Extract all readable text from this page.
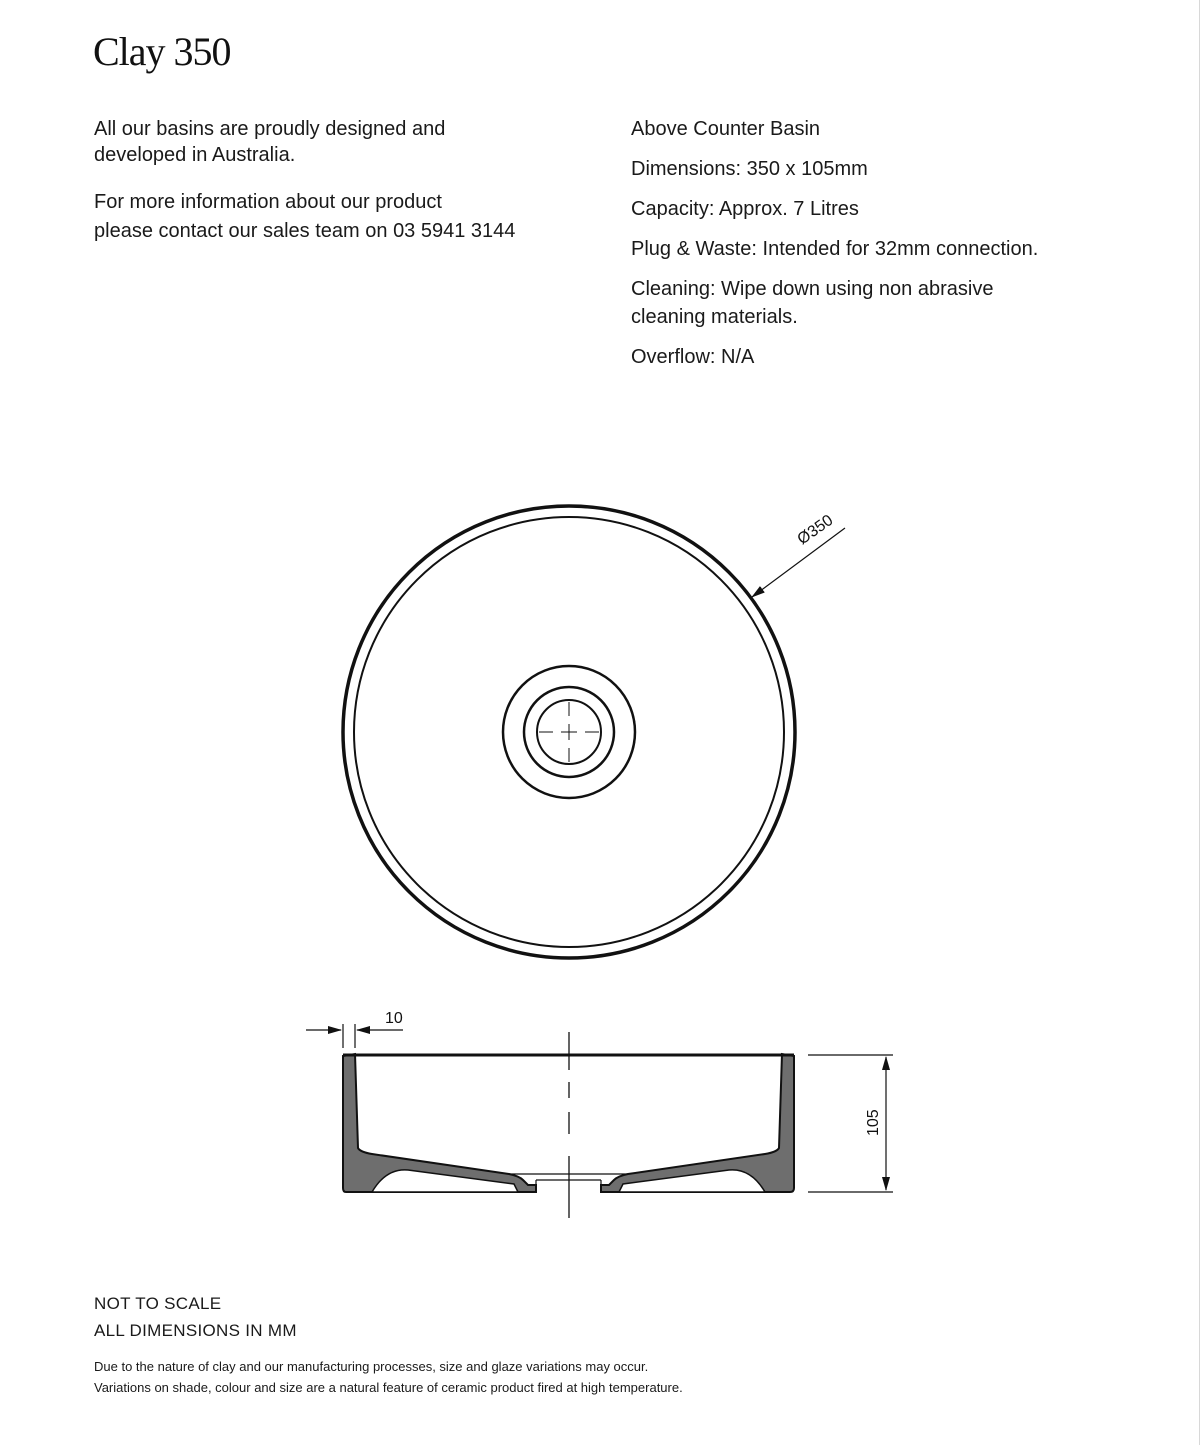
Clay 350

All our basins are proudly designed and
developed in Australia.

For more information about our product
please contact our sales team on 03 5941 3144

Above Counter Basin
Dimensions: 350 x 105mm
Capacity: Approx. 7 Litres
Plug & Waste: Intended for 32mm connection.
Cleaning: Wipe down using non abrasive
cleaning materials.
Overflow: N/A
Ø350
10
105
NOT TO SCALE
ALL DIMENSIONS IN MM
Due to the nature of clay and our manufacturing processes, size and glaze variations may occur.
Variations on shade, colour and size are a natural feature of ceramic product fired at high temperature.
